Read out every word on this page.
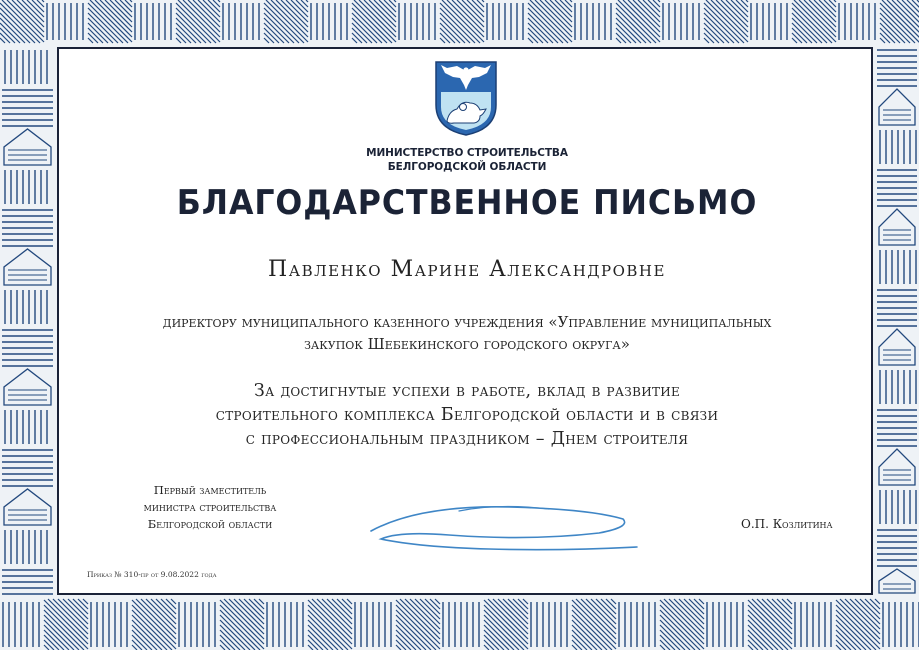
МИНИСТЕРСТВО СТРОИТЕЛЬСТВА
БЕЛГОРОДСКОЙ ОБЛАСТИ
БЛАГОДАРСТВЕННОЕ ПИСЬМО
Павленко Марине Александровне
директору муниципального казенного учреждения «Управление муниципальных
закупок Шебекинского городского округа»
За достигнутые успехи в работе, вклад в развитие
строительного комплекса Белгородской области и в связи
с профессиональным праздником – Днем строителя
Первый заместитель
министра строительства
Белгородской области	О.П. Козлитина
Приказ № 310-пр от 9.08.2022 года
